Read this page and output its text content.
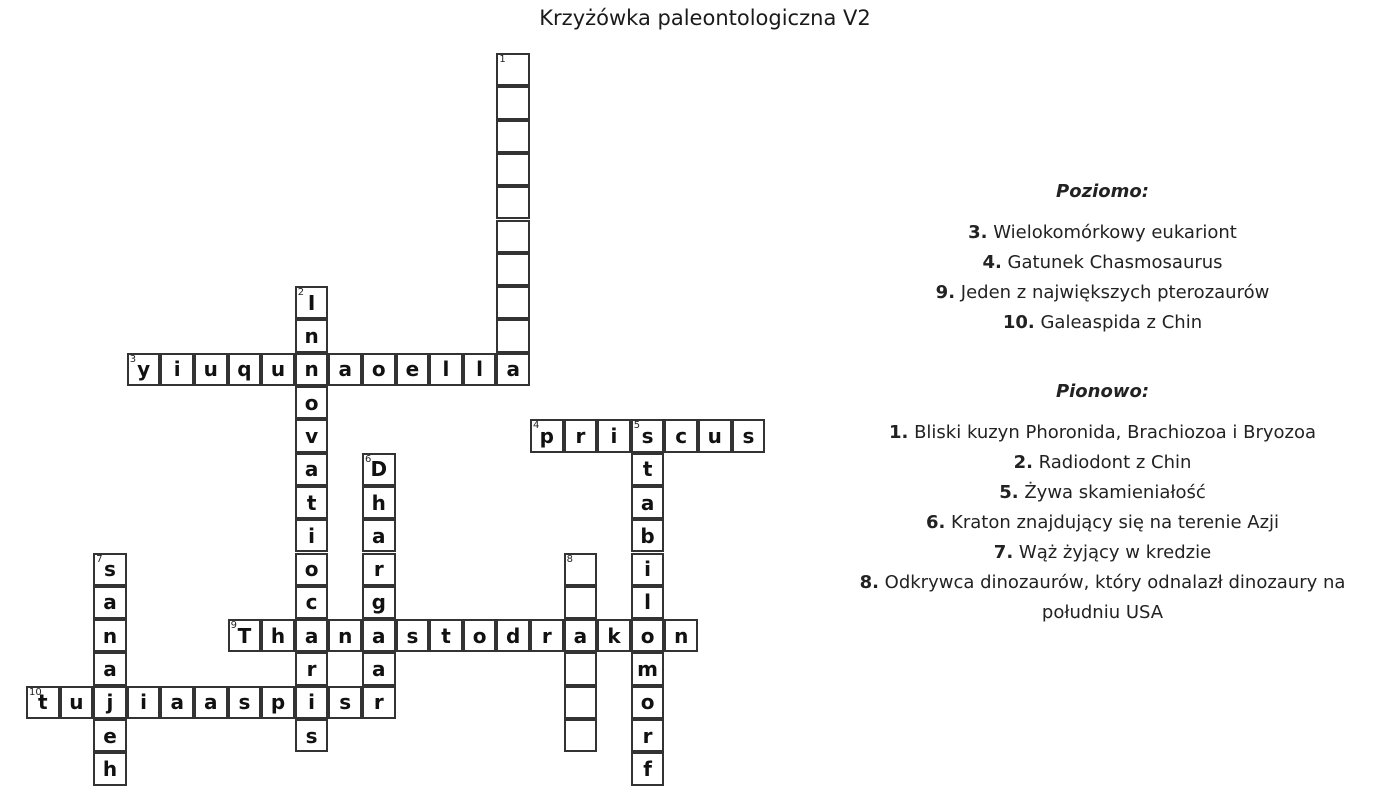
Krzyżówka paleontologiczna V2
y
3	i	u q u n a o e	l	l	a
p
4	r	i	s
5	c	u	s
T
9	h a n a	s	t	o d	r	a	k	o n
t
10	u	j	i	a	a	s	p	i	s
1
I
2
n
o
v
a
t
i
o
c
r
s
t
a
b
i
l
m
o
r
f
D
6
h
a
r
g
a
r
s
7
a
n
a
e
h
8
Poziomo:
3. Wielokomórkowy eukariont
4. Gatunek Chasmosaurus
9. Jeden z największych pterozaurów
10. Galeaspida z Chin
Pionowo:
1. Bliski kuzyn Phoronida, Brachiozoa i Bryozoa
2. Radiodont z Chin
5. Żywa skamieniałość
6. Kraton znajdujący się na terenie Azji
7. Wąż żyjący w kredzie
8. Odkrywca dinozaurów, który odnalazł dinozaury na południu USA
